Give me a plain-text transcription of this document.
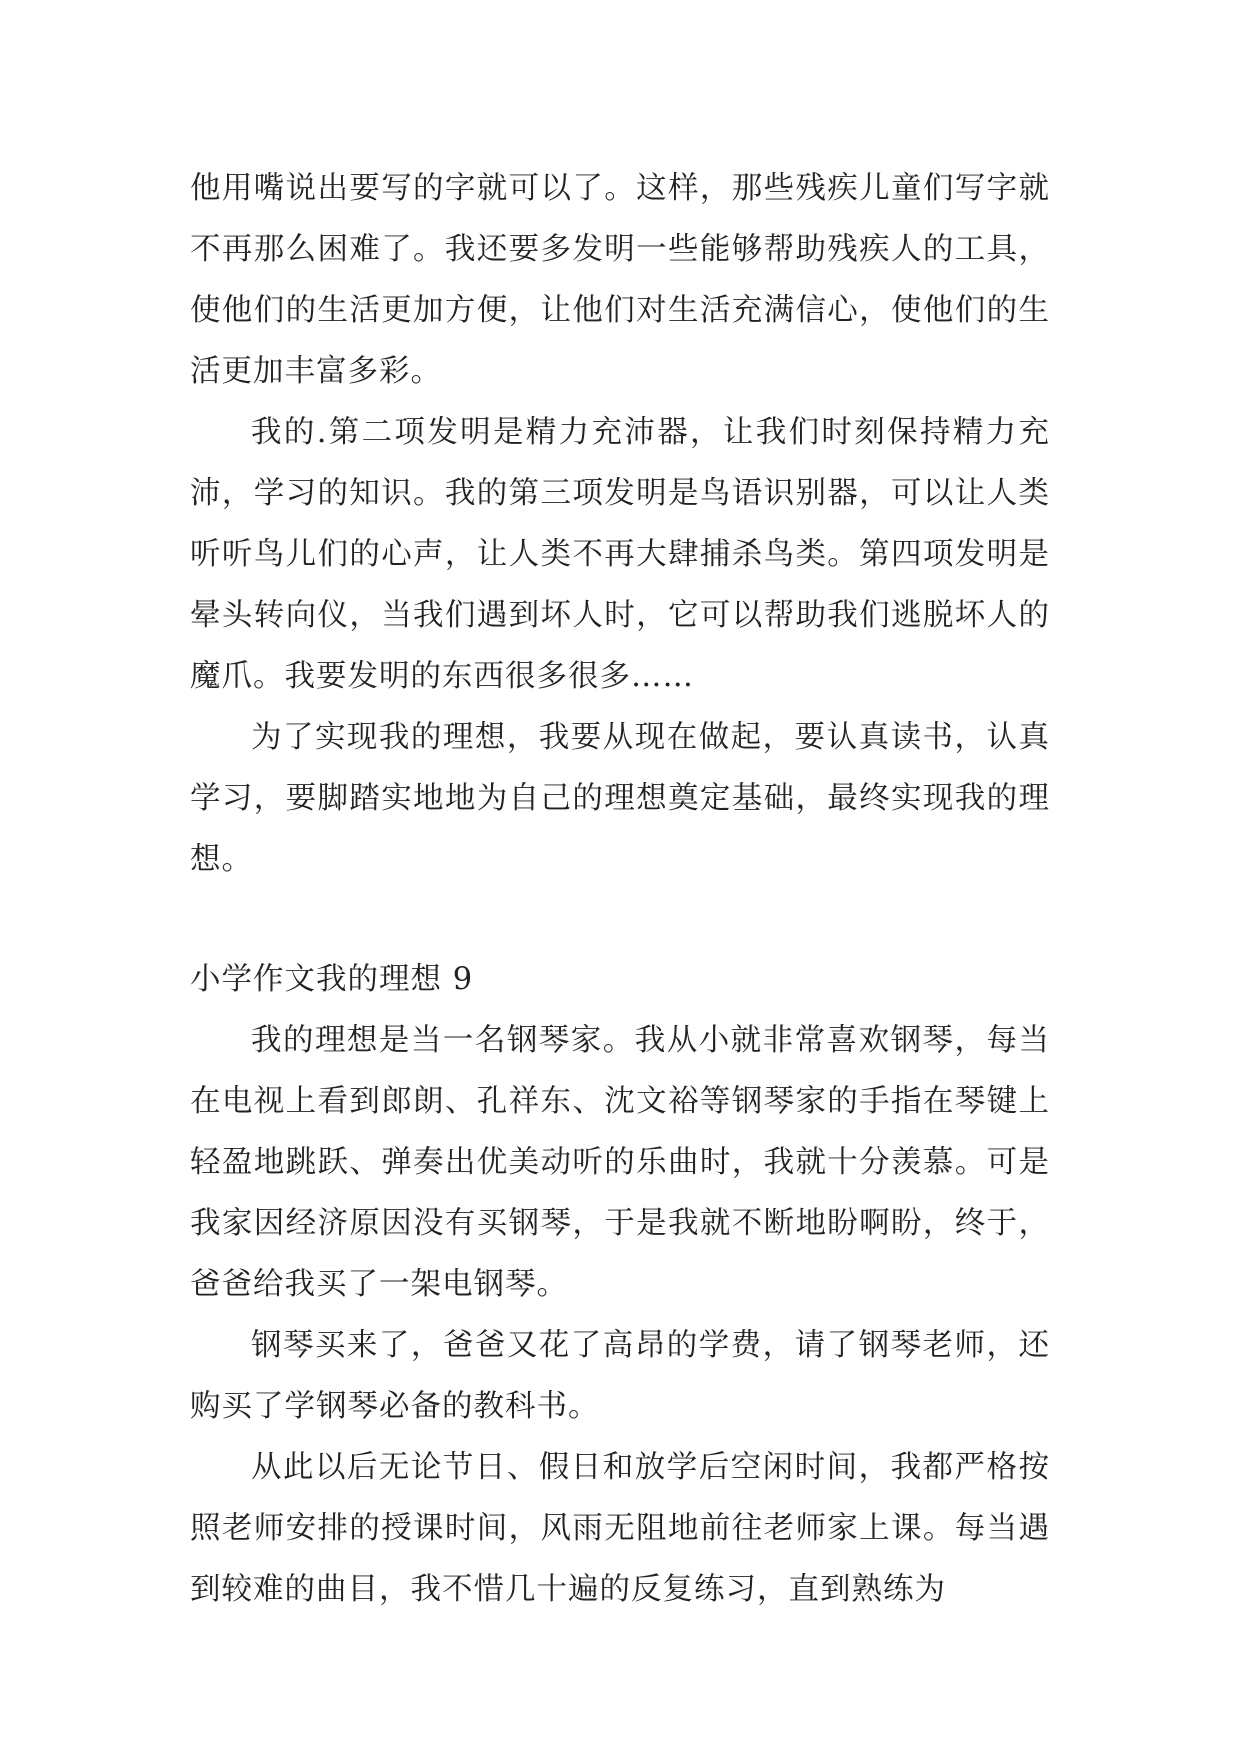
他用嘴说出要写的字就可以了。这样，那些残疾儿童们写字就不再那么困难了。我还要多发明一些能够帮助残疾人的工具，使他们的生活更加方便，让他们对生活充满信心，使他们的生活更加丰富多彩。

我的.第二项发明是精力充沛器，让我们时刻保持精力充沛，学习的知识。我的第三项发明是鸟语识别器，可以让人类听听鸟儿们的心声，让人类不再大肆捕杀鸟类。第四项发明是晕头转向仪，当我们遇到坏人时，它可以帮助我们逃脱坏人的魔爪。我要发明的东西很多很多……

为了实现我的理想，我要从现在做起，要认真读书，认真学习，要脚踏实地地为自己的理想奠定基础，最终实现我的理想。

小学作文我的理想 9

我的理想是当一名钢琴家。我从小就非常喜欢钢琴，每当在电视上看到郎朗、孔祥东、沈文裕等钢琴家的手指在琴键上轻盈地跳跃、弹奏出优美动听的乐曲时，我就十分羡慕。可是我家因经济原因没有买钢琴，于是我就不断地盼啊盼，终于，爸爸给我买了一架电钢琴。

钢琴买来了，爸爸又花了高昂的学费，请了钢琴老师，还购买了学钢琴必备的教科书。

从此以后无论节日、假日和放学后空闲时间，我都严格按照老师安排的授课时间，风雨无阻地前往老师家上课。每当遇到较难的曲目，我不惜几十遍的反复练习，直到熟练为
